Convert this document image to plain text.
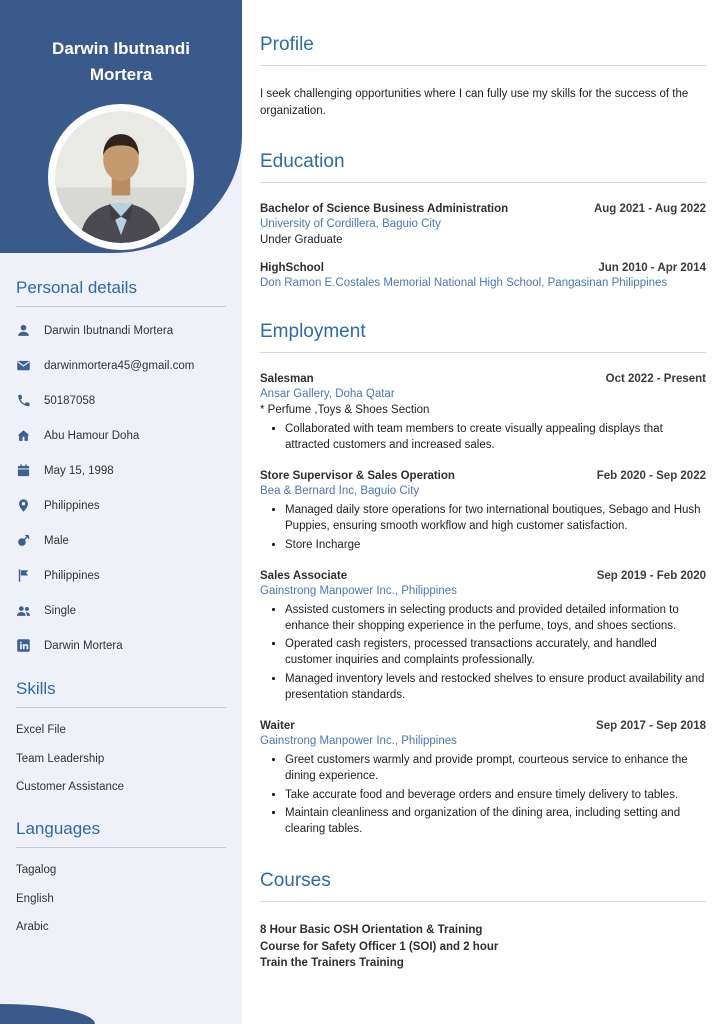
Darwin Ibutnandi Mortera
Personal details
Darwin Ibutnandi Mortera
darwinmortera45@gmail.com
50187058
Abu Hamour Doha
May 15, 1998
Philippines
Male
Philippines
Single
Darwin Mortera
Skills
Excel File
Team Leadership
Customer Assistance
Languages
Tagalog
English
Arabic
Profile

I seek challenging opportunities where I can fully use my skills for the success of the organization.

Education
Bachelor of Science Business Administration	Aug 2021 - Aug 2022
University of Cordillera, Baguio City
Under Graduate
HighSchool	Jun 2010 - Apr 2014
Don Ramon E.Costales Memorial National High School, Pangasinan Philippines
Employment
Salesman	Oct 2022 - Present
Ansar Gallery, Doha Qatar
* Perfume ,Toys & Shoes Section
• Collaborated with team members to create visually appealing displays that attracted customers and increased sales.
Store Supervisor & Sales Operation	Feb 2020 - Sep 2022
Bea & Bernard Inc, Baguio City
• Managed daily store operations for two international boutiques, Sebago and Hush Puppies, ensuring smooth workflow and high customer satisfaction.
• Store Incharge
Sales Associate	Sep 2019 - Feb 2020
Gainstrong Manpower Inc., Philippines
• Assisted customers in selecting products and provided detailed information to enhance their shopping experience in the perfume, toys, and shoes sections.
• Operated cash registers, processed transactions accurately, and handled customer inquiries and complaints professionally.
• Managed inventory levels and restocked shelves to ensure product availability and presentation standards.
Waiter	Sep 2017 - Sep 2018
Gainstrong Manpower Inc., Philippines
• Greet customers warmly and provide prompt, courteous service to enhance the dining experience.
• Take accurate food and beverage orders and ensure timely delivery to tables.
• Maintain cleanliness and organization of the dining area, including setting and clearing tables.
Courses
8 Hour Basic OSH Orientation & Training
Course for Safety Officer 1 (SOI) and 2 hour
Train the Trainers Training
